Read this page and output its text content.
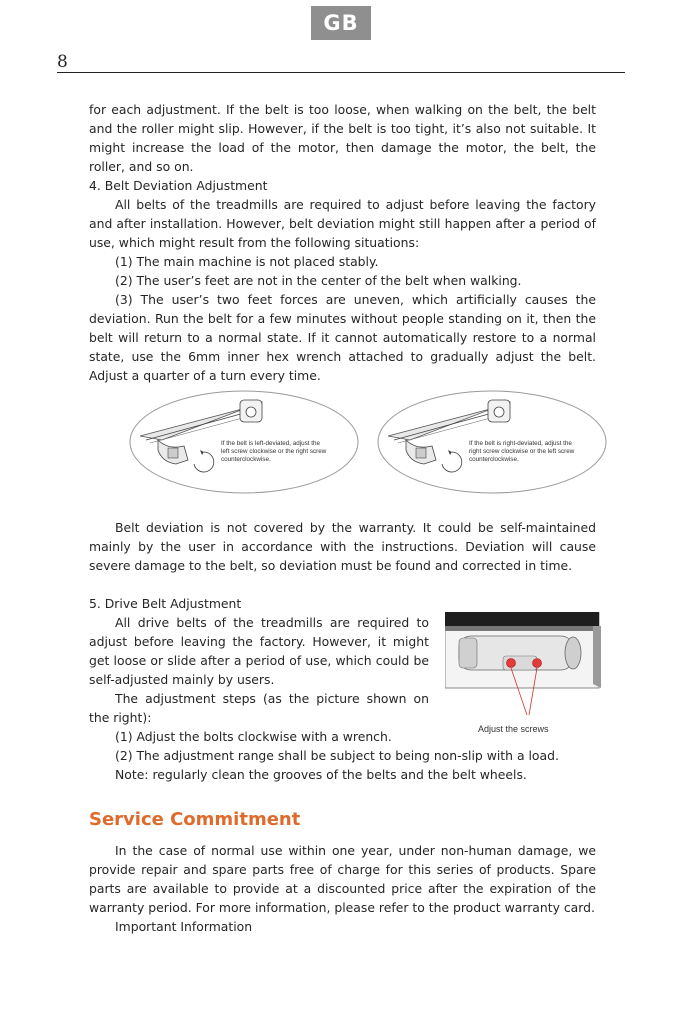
GB
8

for each adjustment. If the belt is too loose, when walking on the belt, the belt and the roller might slip. However, if the belt is too tight, it’s also not suitable. It might increase the load of the motor, then damage the motor, the belt, the roller, and so on.

4. Belt Deviation Adjustment

All belts of the treadmills are required to adjust before leaving the factory and after installation. However, belt deviation might still happen after a period of use, which might result from the following situations:

(1) The main machine is not placed stably.

(2) The user’s feet are not in the center of the belt when walking.

(3) The user’s two feet forces are uneven, which artificially causes the deviation. Run the belt for a few minutes without people standing on it, then the belt will return to a normal state. If it cannot automatically restore to a normal state, use the 6mm inner hex wrench attached to gradually adjust the belt. Adjust a quarter of a turn every time.

If the belt is left-deviated, adjust the
left screw clockwise or the right screw
counterclockwise.
If the belt is right-deviated, adjust the
right screw clockwise or the left screw
counterclockwise.

Belt deviation is not covered by the warranty. It could be self-maintained mainly by the user in accordance with the instructions. Deviation will cause severe damage to the belt, so deviation must be found and corrected in time.

5. Drive Belt Adjustment

All drive belts of the treadmills are required to adjust before leaving the factory. However, it might get loose or slide after a period of use, which could be self-adjusted mainly by users.

The adjustment steps (as the picture shown on the right):

(1) Adjust the bolts clockwise with a wrench.

(2) The adjustment range shall be subject to being non-slip with a load.

Note: regularly clean the grooves of the belts and the belt wheels.

Adjust the screws
Service Commitment

In the case of normal use within one year, under non-human damage, we provide repair and spare parts free of charge for this series of products. Spare parts are available to provide at a discounted price after the expiration of the warranty period. For more information, please refer to the product warranty card.

Important Information
